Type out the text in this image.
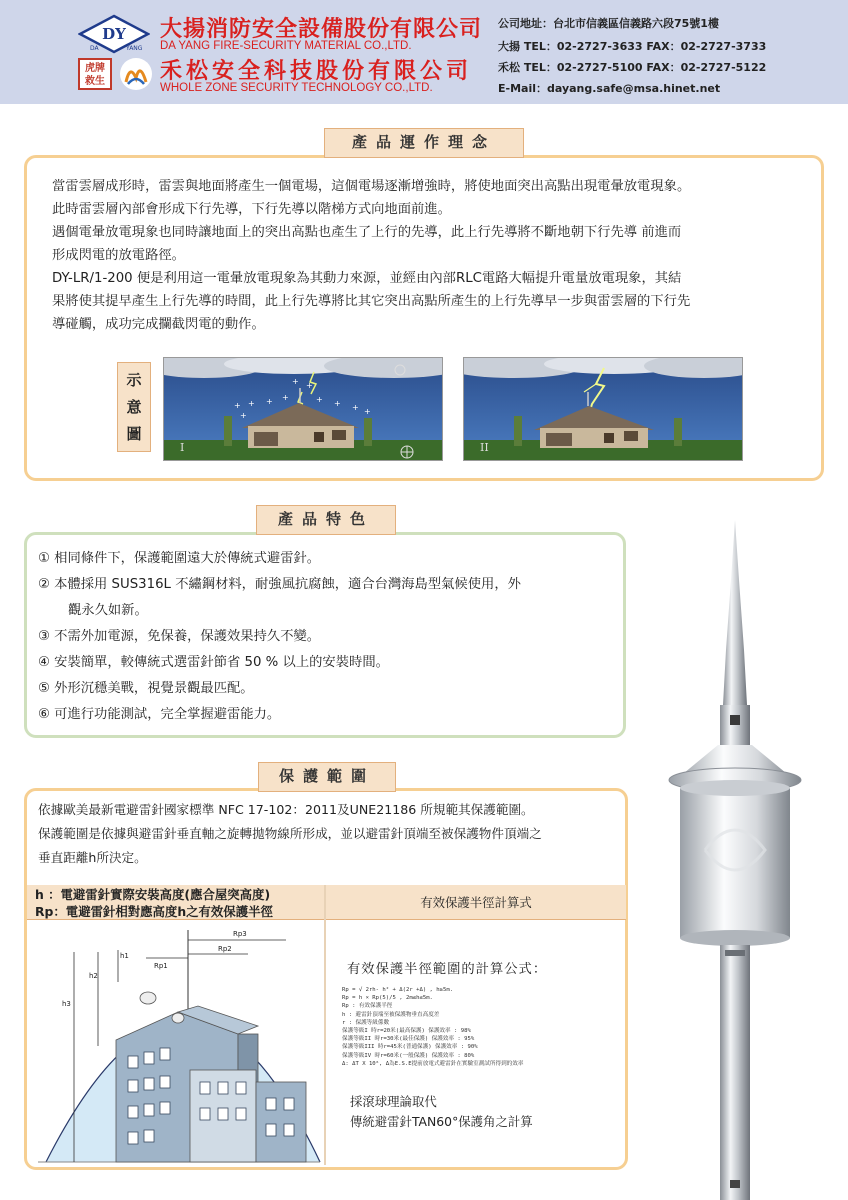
DY
DA	YANG
虎牌
救生
大揚消防安全設備股份有限公司
DA YANG FIRE-SECURITY MATERIAL CO.,LTD.
禾松安全科技股份有限公司
WHOLE ZONE SECURITY TECHNOLOGY CO.,LTD.
公司地址：台北市信義區信義路六段75號1樓
大揚 TEL：02-2727-3633 FAX：02-2727-3733
禾松 TEL：02-2727-5100 FAX：02-2727-5122
E-Mail：dayang.safe@msa.hinet.net
產品運作理念

當雷雲層成形時，雷雲與地面將產生一個電場，這個電場逐漸增強時，將使地面突出高點出現電暈放電現象。

此時雷雲層內部會形成下行先導，下行先導以階梯方式向地面前進。

遇個電暈放電現象也同時讓地面上的突出高點也產生了上行的先導，此上行先導將不斷地朝下行先導 前進而

形成閃電的放電路徑。

DY-LR/1-200 便是利用這一電暈放電現象為其動力來源，並經由內部RLC電路大幅提升電量放電現象，其結

果將使其提早產生上行先導的時間，此上行先導將比其它突出高點所產生的上行先導早一步與雷雲層的下行先

導碰觸，成功完成攔截閃電的動作。

示
意
圖
+ + + +	+ + +
+	+
+ +
I	II
產品特色

① 相同條件下，保護範圍遠大於傳統式避雷針。

② 本體採用 SUS316L 不繡鋼材料，耐強風抗腐蝕，適合台灣海島型氣候使用，外

觀永久如新。

③ 不需外加電源，免保養，保護效果持久不變。

④ 安裝簡單，較傳統式選雷針節省 50 % 以上的安裝時間。

⑤ 外形沉穩美戰，視覺景觀最匹配。

⑥ 可進行功能測試，完全掌握避雷能力。

保護範圍

依據歐美最新電避雷針國家標準 NFC 17-102：2011及UNE21186 所規範其保護範圍。

保護範圍是依據與避雷針垂直軸之旋轉拋物線所形成，並以避雷針頂端至被保護物件頂端之

垂直距離h所決定。

h ：電避雷針實際安裝高度(應合屋突高度)

Rp：電避雷針相對應高度h之有效保護半徑

有效保護半徑計算式
Rp3
Rp2
Rp1
h1
h2
h3
有效保護半徑範圍的計算公式：

Rp = √ 2rh- h² + Δ(2r +Δ) , h≥5m.

Rp = h × Rp(5)/5 , 2m≤h≤5m.

Rp : 有效保護半徑

h : 避雷針頂端至被保護物垂直高度差

r : 保護等級係數

保護等級I 時r=20米(最高保護) 保護效率 : 98%

保護等級II 時r=30米(最佳保護) 保護效率 : 95%

保護等級III 時r=45米(普通保護) 保護效率 : 90%

保護等級IV 時r=60米(一般保護) 保護效率 : 80%

Δ: ΔT X 10⁶, Δ為E.S.E提前放電式避雷針在實驗室測試所得到的效率

採滾球理論取代
傳統避雷針TAN60°保護角之計算
